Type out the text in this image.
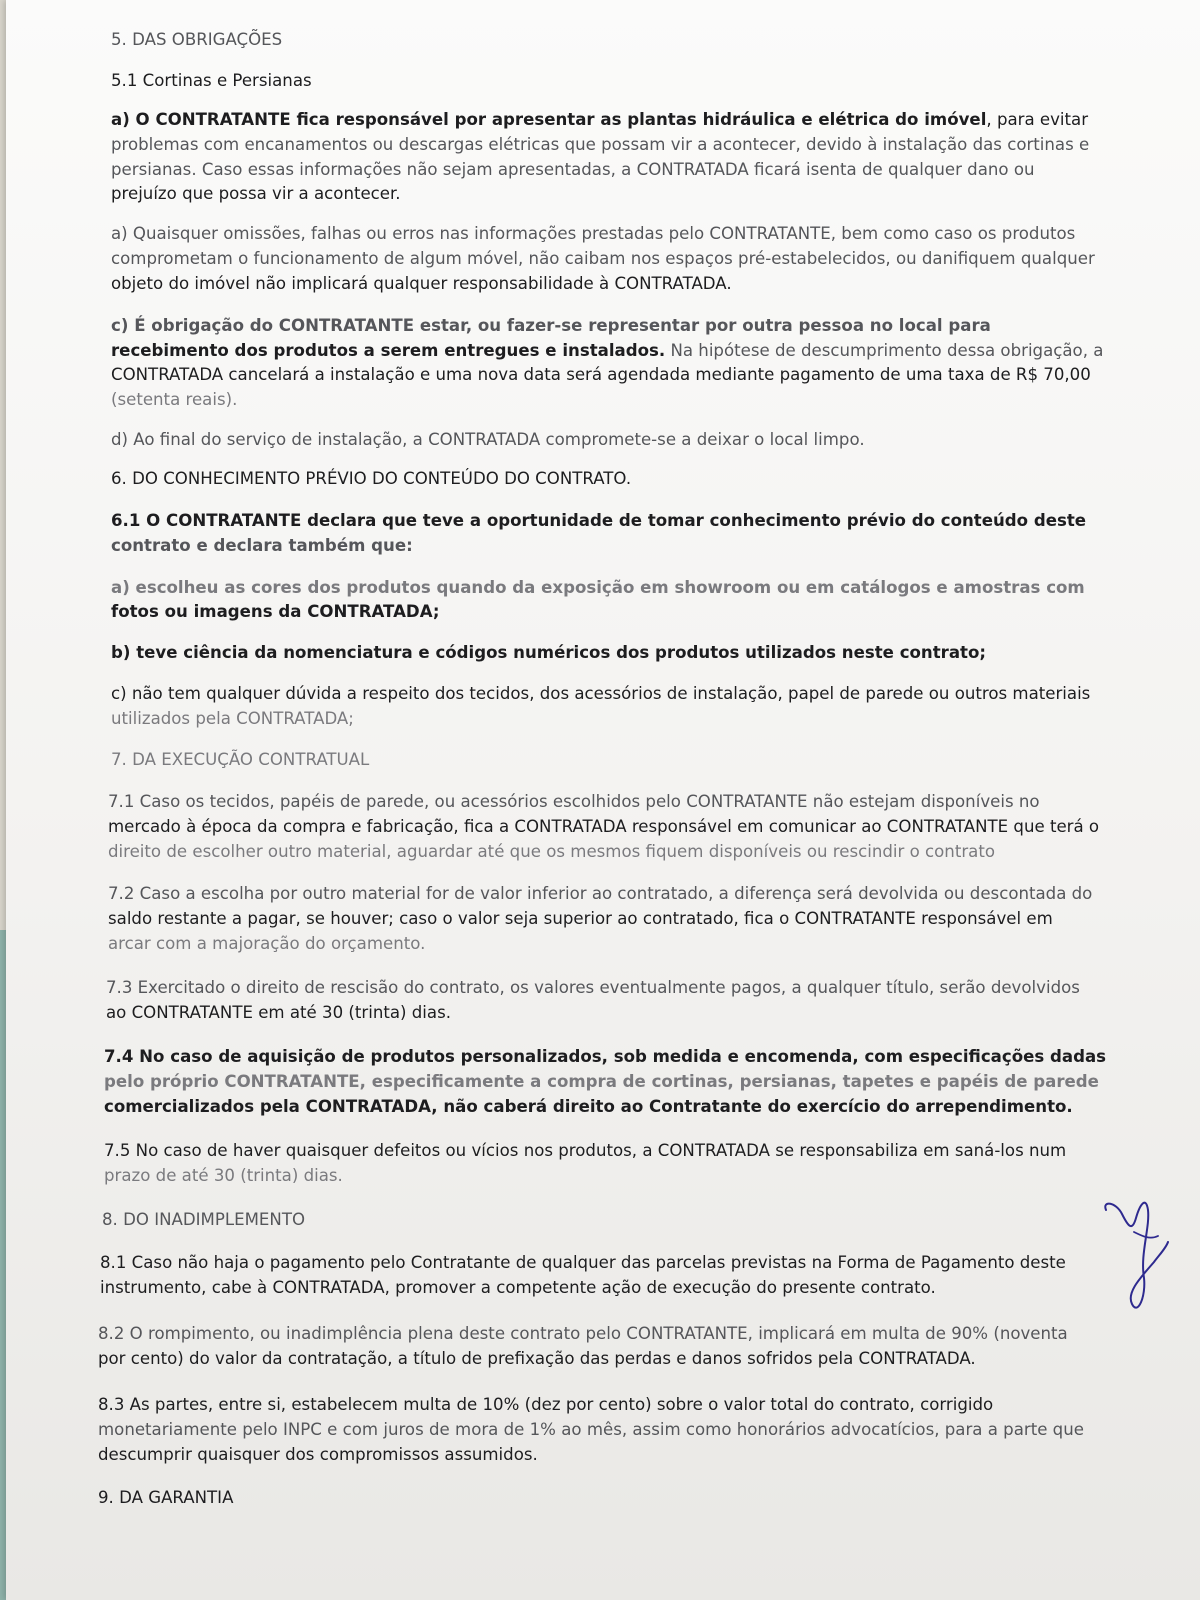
5. DAS OBRIGAÇÕES

5.1 Cortinas e Persianas

a) O CONTRATANTE fica responsável por apresentar as plantas hidráulica e elétrica do imóvel, para evitar

problemas com encanamentos ou descargas elétricas que possam vir a acontecer, devido à instalação das cortinas e

persianas. Caso essas informações não sejam apresentadas, a CONTRATADA ficará isenta de qualquer dano ou

prejuízo que possa vir a acontecer.

a) Quaisquer omissões, falhas ou erros nas informações prestadas pelo CONTRATANTE, bem como caso os produtos

comprometam o funcionamento de algum móvel, não caibam nos espaços pré-estabelecidos, ou danifiquem qualquer

objeto do imóvel não implicará qualquer responsabilidade à CONTRATADA.

c) É obrigação do CONTRATANTE estar, ou fazer-se representar por outra pessoa no local para

recebimento dos produtos a serem entregues e instalados. Na hipótese de descumprimento dessa obrigação, a

CONTRATADA cancelará a instalação e uma nova data será agendada mediante pagamento de uma taxa de R$ 70,00

(setenta reais).

d) Ao final do serviço de instalação, a CONTRATADA compromete-se a deixar o local limpo.

6. DO CONHECIMENTO PRÉVIO DO CONTEÚDO DO CONTRATO.

6.1 O CONTRATANTE declara que teve a oportunidade de tomar conhecimento prévio do conteúdo deste

contrato e declara também que:

a) escolheu as cores dos produtos quando da exposição em showroom ou em catálogos e amostras com

fotos ou imagens da CONTRATADA;

b) teve ciência da nomenciatura e códigos numéricos dos produtos utilizados neste contrato;

c) não tem qualquer dúvida a respeito dos tecidos, dos acessórios de instalação, papel de parede ou outros materiais

utilizados pela CONTRATADA;

7. DA EXECUÇÃO CONTRATUAL

7.1 Caso os tecidos, papéis de parede, ou acessórios escolhidos pelo CONTRATANTE não estejam disponíveis no

mercado à época da compra e fabricação, fica a CONTRATADA responsável em comunicar ao CONTRATANTE que terá o

direito de escolher outro material, aguardar até que os mesmos fiquem disponíveis ou rescindir o contrato

7.2 Caso a escolha por outro material for de valor inferior ao contratado, a diferença será devolvida ou descontada do

saldo restante a pagar, se houver; caso o valor seja superior ao contratado, fica o CONTRATANTE responsável em

arcar com a majoração do orçamento.

7.3 Exercitado o direito de rescisão do contrato, os valores eventualmente pagos, a qualquer título, serão devolvidos

ao CONTRATANTE em até 30 (trinta) dias.

7.4 No caso de aquisição de produtos personalizados, sob medida e encomenda, com especificações dadas

pelo próprio CONTRATANTE, especificamente a compra de cortinas, persianas, tapetes e papéis de parede

comercializados pela CONTRATADA, não caberá direito ao Contratante do exercício do arrependimento.

7.5 No caso de haver quaisquer defeitos ou vícios nos produtos, a CONTRATADA se responsabiliza em saná-los num

prazo de até 30 (trinta) dias.

8. DO INADIMPLEMENTO

8.1 Caso não haja o pagamento pelo Contratante de qualquer das parcelas previstas na Forma de Pagamento deste

instrumento, cabe à CONTRATADA, promover a competente ação de execução do presente contrato.

8.2 O rompimento, ou inadimplência plena deste contrato pelo CONTRATANTE, implicará em multa de 90% (noventa

por cento) do valor da contratação, a título de prefixação das perdas e danos sofridos pela CONTRATADA.

8.3 As partes, entre si, estabelecem multa de 10% (dez por cento) sobre o valor total do contrato, corrigido

monetariamente pelo INPC e com juros de mora de 1% ao mês, assim como honorários advocatícios, para a parte que

descumprir quaisquer dos compromissos assumidos.

9. DA GARANTIA
